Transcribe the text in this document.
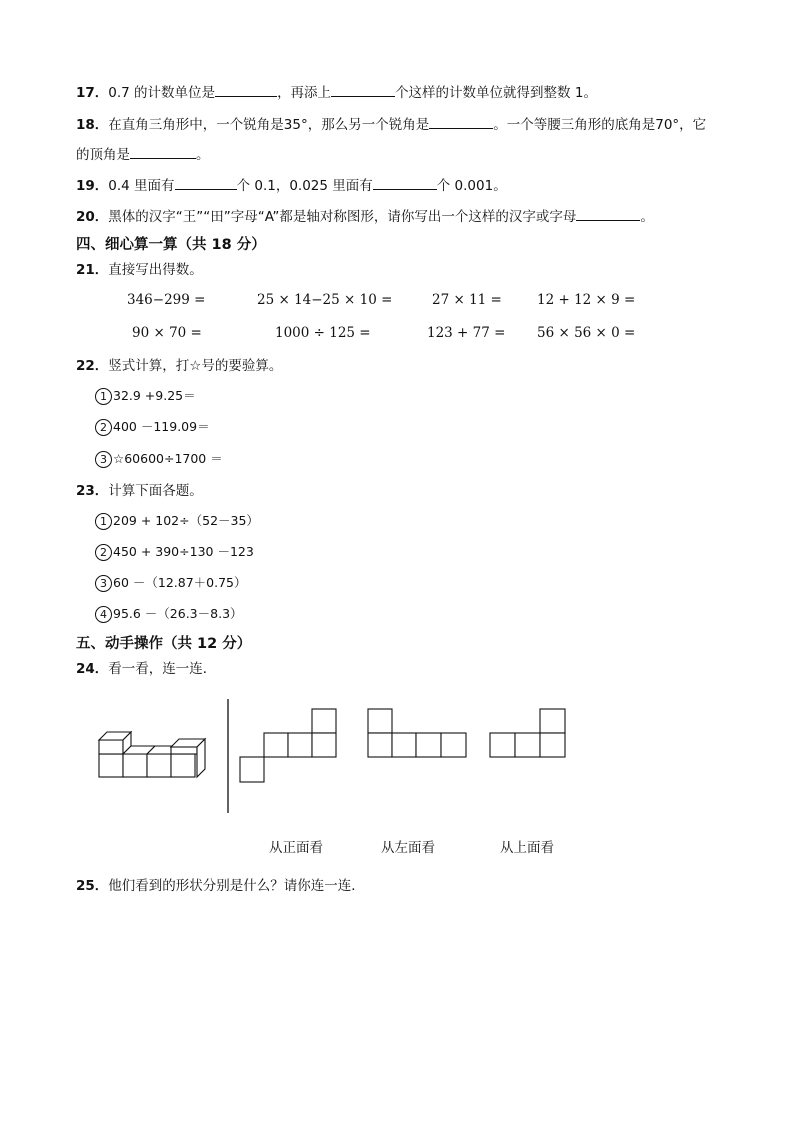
17．0.7 的计数单位是	，再添上	个这样的计数单位就得到整数 1。
18．在直角三角形中，一个锐角是35°，那么另一个锐角是	。一个等腰三角形的底角是70°，它
的顶角是	。
19．0.4 里面有	个 0.1，0.025 里面有	个 0.001。
20．黑体的汉字“王”“田”字母“A”都是轴对称图形，请你写出一个这样的汉字或字母	。
四、细心算一算（共 18 分）
21．直接写出得数。
346−299 =	25 × 14−25 × 10 =	27 × 11 =	12 + 12 × 9 =
90 × 70 =	1000 ÷ 125 =	123 + 77 = 56 × 56 × 0 =
22．竖式计算，打☆号的要验算。
1 32.9 +9.25＝
2 400 －119.09＝
3 ☆60600÷1700 ＝
23．计算下面各题。
1 209 + 102÷（52－35）
2 450 + 390÷130 －123
3 60 －（12.87＋0.75）
4 95.6 －（26.3－8.3）
五、动手操作（共 12 分）
24．看一看，连一连．
从正面看	从左面看	从上面看
25．他们看到的形状分别是什么？请你连一连．
